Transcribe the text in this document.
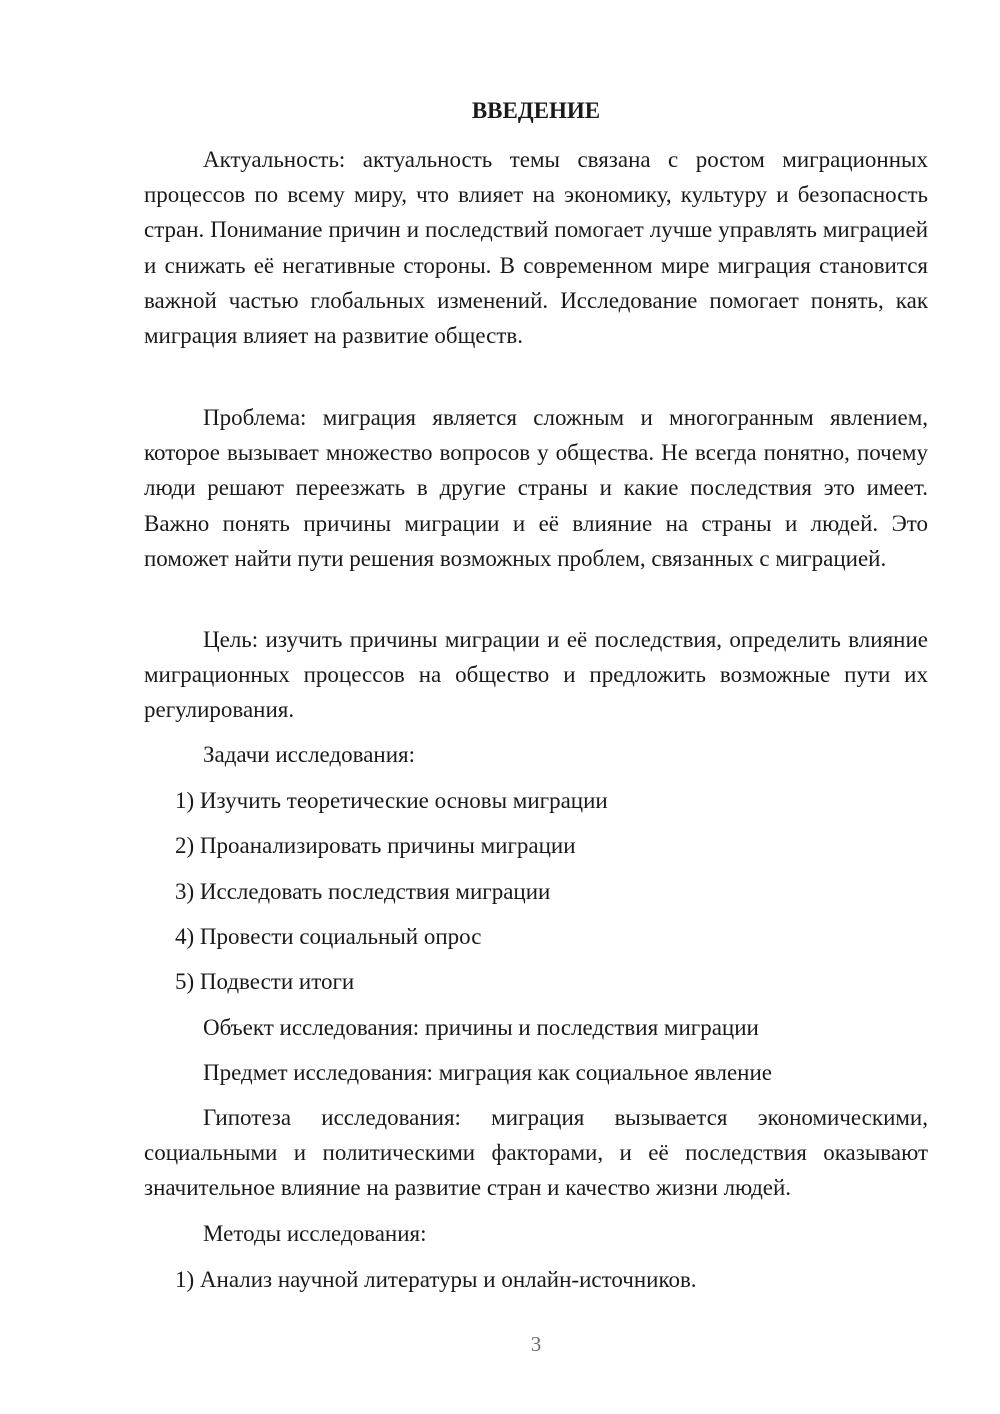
ВВЕДЕНИЕ

Актуальность: актуальность темы связана с ростом миграционных процессов по всему миру, что влияет на экономику, культуру и безопасность стран. Понимание причин и последствий помогает лучше управлять миграцией и снижать её негативные стороны. В современном мире миграция становится важной частью глобальных изменений. Исследование помогает понять, как миграция влияет на развитие обществ.

Проблема: миграция является сложным и многогранным явлением, которое вызывает множество вопросов у общества. Не всегда понятно, почему люди решают переезжать в другие страны и какие последствия это имеет. Важно понять причины миграции и её влияние на страны и людей. Это поможет найти пути решения возможных проблем, связанных с миграцией.

Цель: изучить причины миграции и её последствия, определить влияние миграционных процессов на общество и предложить возможные пути их регулирования.

Задачи исследования:

1) Изучить теоретические основы миграции

2) Проанализировать причины миграции

3) Исследовать последствия миграции

4) Провести социальный опрос

5) Подвести итоги

Объект исследования: причины и последствия миграции

Предмет исследования: миграция как социальное явление

Гипотеза исследования: миграция вызывается экономическими, социальными и политическими факторами, и её последствия оказывают значительное влияние на развитие стран и качество жизни людей.

Методы исследования:

1) Анализ научной литературы и онлайн-источников.

3
